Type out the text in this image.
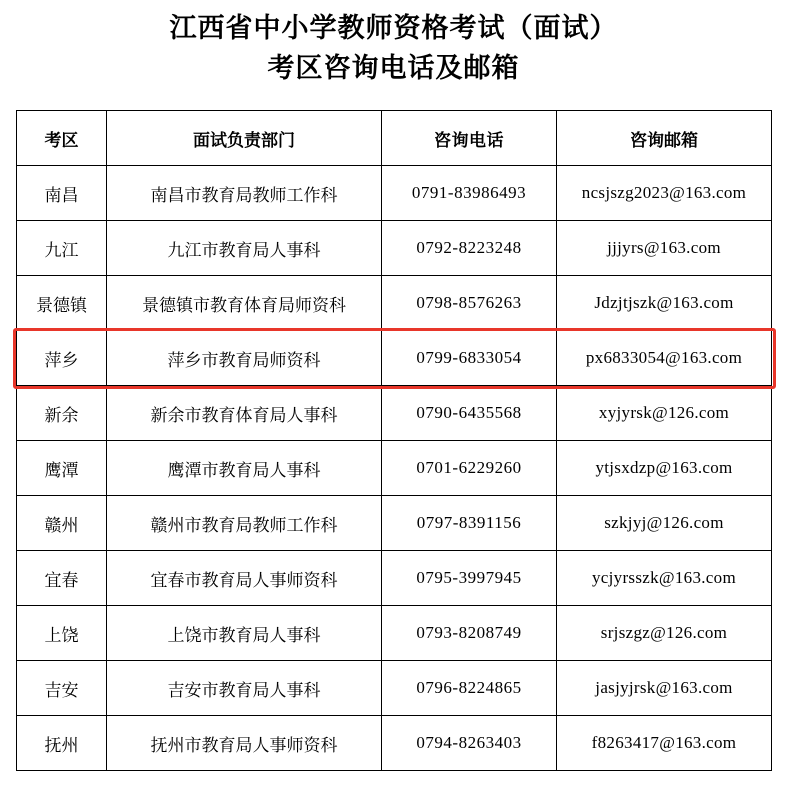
江西省中小学教师资格考试（面试）
考区咨询电话及邮箱
考区	面试负责部门	咨询电话	咨询邮箱
南昌	南昌市教育局教师工作科	0791-83986493	ncsjszg2023@163.com
九江	九江市教育局人事科	0792-8223248	jjjyrs@163.com
景德镇	景德镇市教育体育局师资科	0798-8576263	Jdzjtjszk@163.com
萍乡	萍乡市教育局师资科	0799-6833054	px6833054@163.com
新余	新余市教育体育局人事科	0790-6435568	xyjyrsk@126.com
鹰潭	鹰潭市教育局人事科	0701-6229260	ytjsxdzp@163.com
赣州	赣州市教育局教师工作科	0797-8391156	szkjyj@126.com
宜春	宜春市教育局人事师资科	0795-3997945	ycjyrsszk@163.com
上饶	上饶市教育局人事科	0793-8208749	srjszgz@126.com
吉安	吉安市教育局人事科	0796-8224865	jasjyjrsk@163.com
抚州	抚州市教育局人事师资科	0794-8263403	f8263417@163.com
